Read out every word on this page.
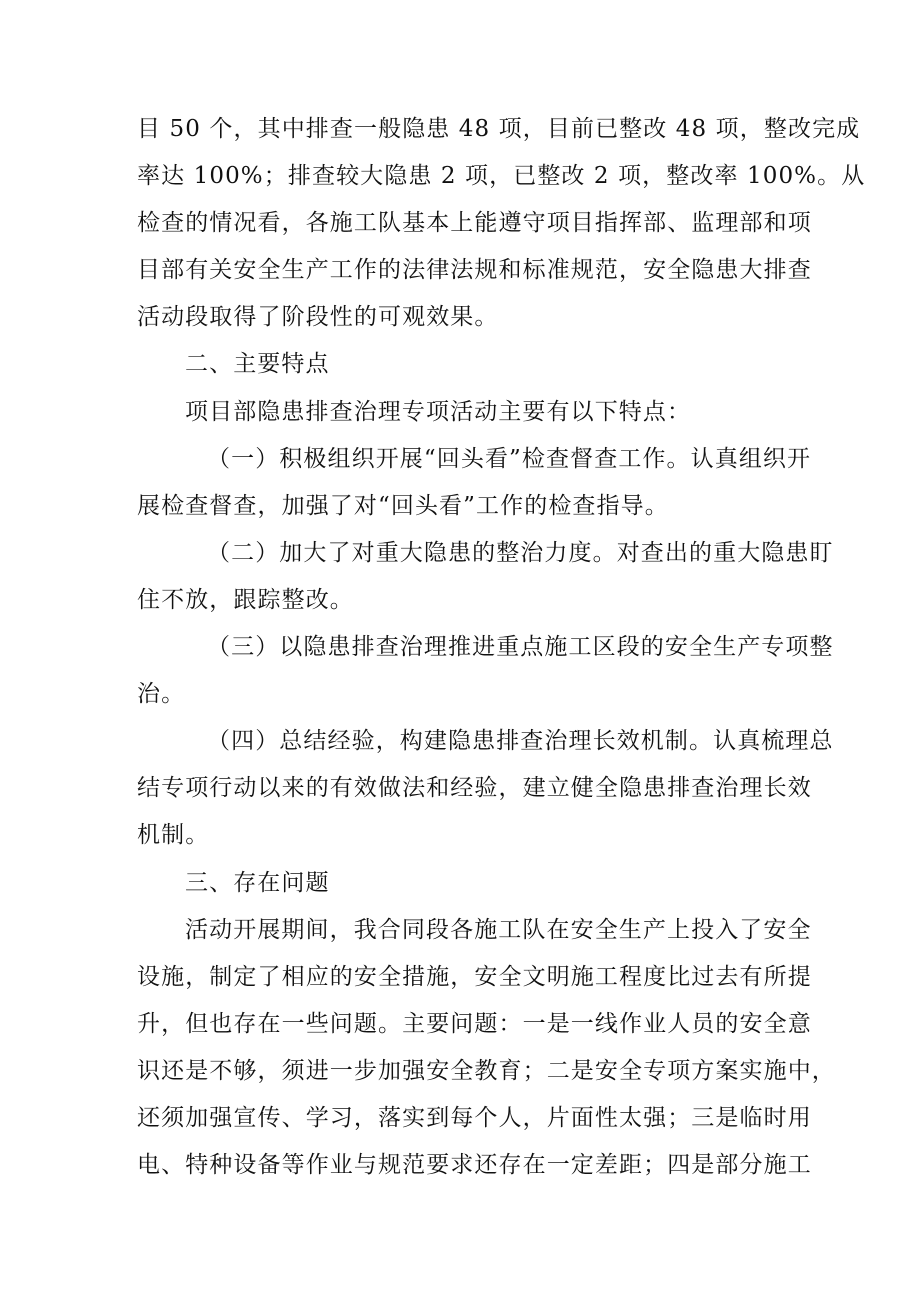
目 50 个，其中排查一般隐患 48 项，目前已整改 48 项，整改完成
率达 100%；排查较大隐患 2 项，已整改 2 项，整改率 100%。从
检查的情况看，各施工队基本上能遵守项目指挥部、监理部和项
目部有关安全生产工作的法律法规和标准规范，安全隐患大排查
活动段取得了阶段性的可观效果。
二、主要特点
项目部隐患排查治理专项活动主要有以下特点：
（一）积极组织开展“回头看”检查督查工作。认真组织开
展检查督查，加强了对“回头看”工作的检查指导。
（二）加大了对重大隐患的整治力度。对查出的重大隐患盯
住不放，跟踪整改。
（三）以隐患排查治理推进重点施工区段的安全生产专项整
治。
（四）总结经验，构建隐患排查治理长效机制。认真梳理总
结专项行动以来的有效做法和经验，建立健全隐患排查治理长效
机制。
三、存在问题
活动开展期间，我合同段各施工队在安全生产上投入了安全
设施，制定了相应的安全措施，安全文明施工程度比过去有所提
升，但也存在一些问题。主要问题：一是一线作业人员的安全意
识还是不够，须进一步加强安全教育；二是安全专项方案实施中，
还须加强宣传、学习，落实到每个人，片面性太强；三是临时用
电、特种设备等作业与规范要求还存在一定差距；四是部分施工
